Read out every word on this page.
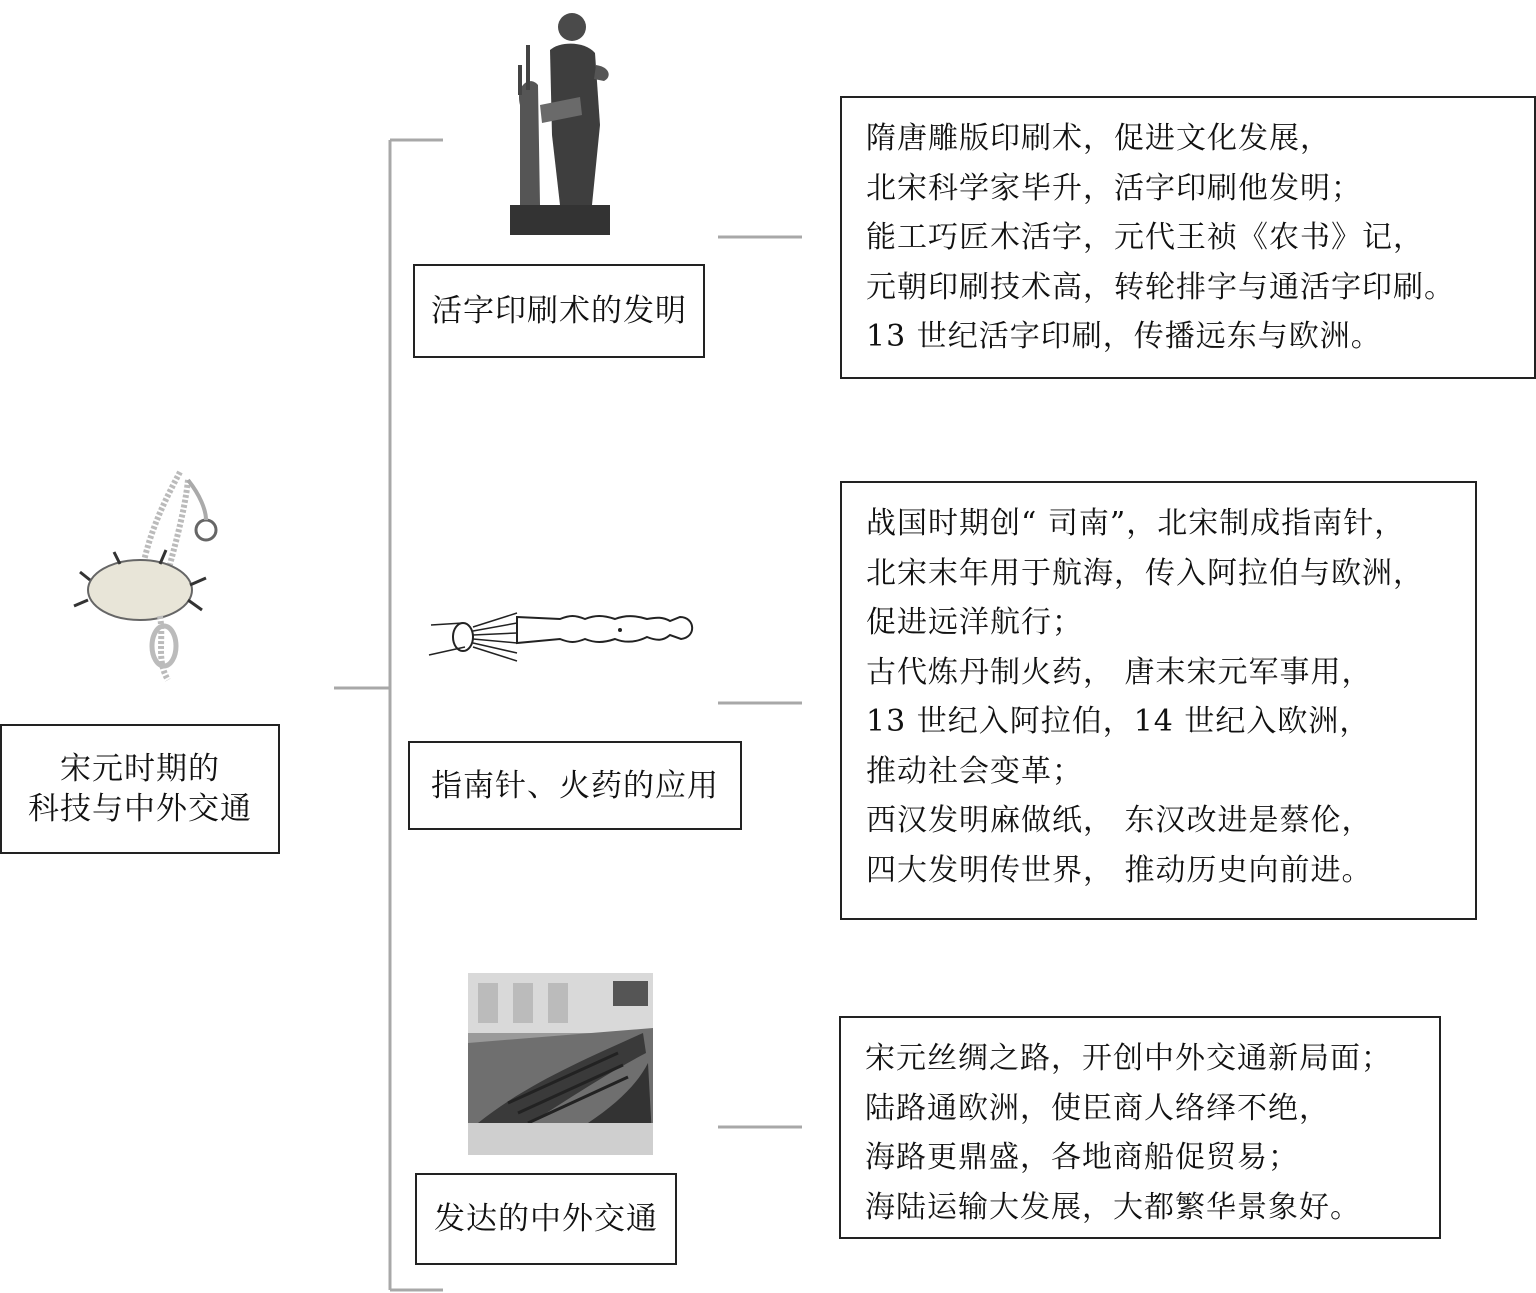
宋元时期的
科技与中外交通
活字印刷术的发明
隋唐雕版印刷术，促进文化发展，
北宋科学家毕升，活字印刷他发明；
能工巧匠木活字，元代王祯《农书》记，
元朝印刷技术高，转轮排字与通活字印刷。
13 世纪活字印刷，传播远东与欧洲。
指南针、火药的应用
战国时期创“ 司南”，北宋制成指南针，
北宋末年用于航海，传入阿拉伯与欧洲，
促进远洋航行；
古代炼丹制火药， 唐末宋元军事用，
13 世纪入阿拉伯，14 世纪入欧洲，
推动社会变革；
西汉发明麻做纸， 东汉改进是蔡伦，
四大发明传世界， 推动历史向前进。
发达的中外交通
宋元丝绸之路，开创中外交通新局面；
陆路通欧洲，使臣商人络绎不绝，
海路更鼎盛，各地商船促贸易；
海陆运输大发展，大都繁华景象好。
